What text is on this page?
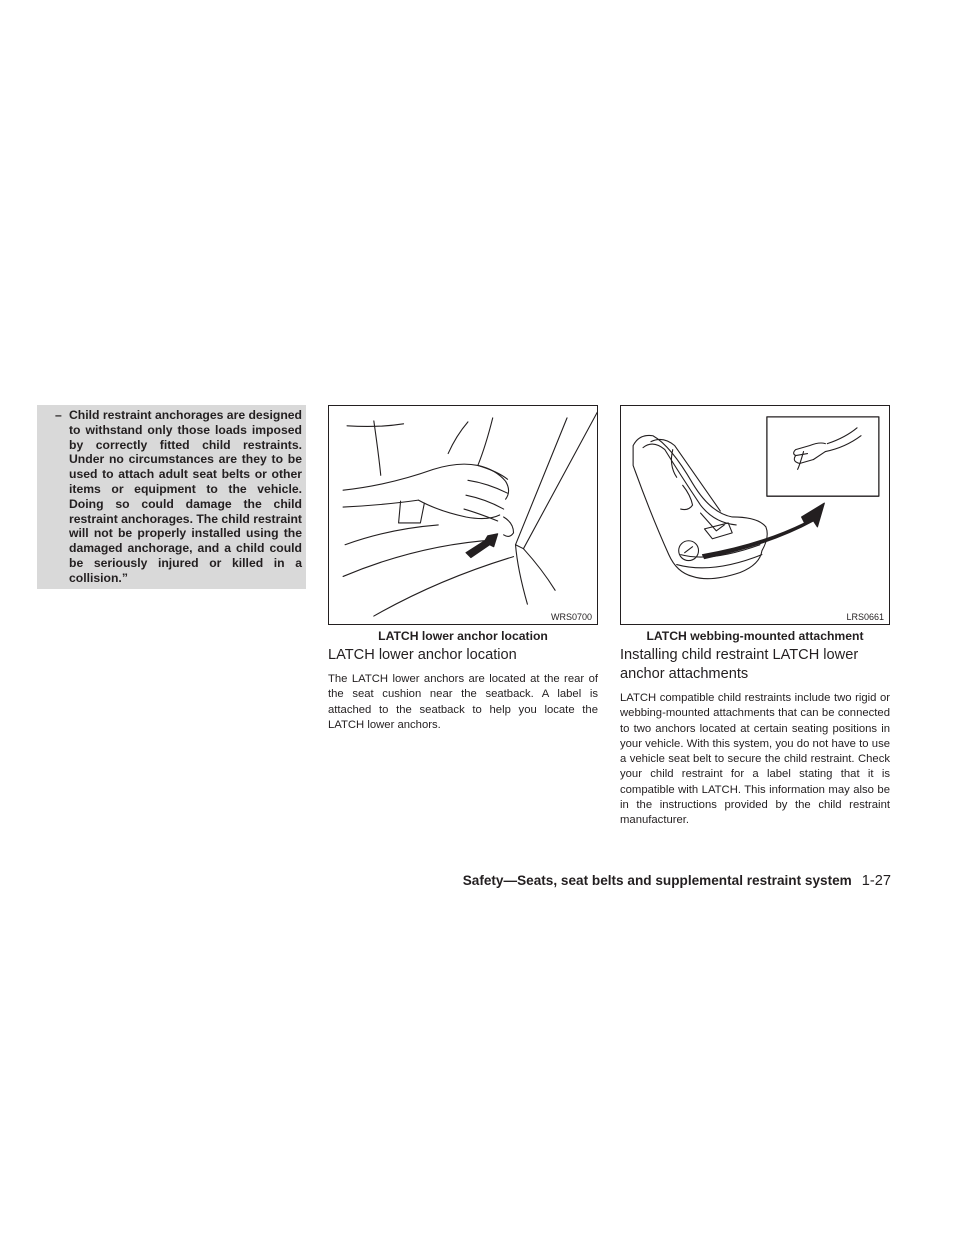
– Child restraint anchorages are designed to withstand only those loads imposed by correctly fitted child restraints. Under no circumstances are they to be used to attach adult seat belts or other items or equipment to the vehicle. Doing so could damage the child restraint anchorages. The child restraint will not be properly installed using the damaged anchorage, and a child could be seriously injured or killed in a collision.”

WRS0700	LRS0661
LATCH lower anchor location	LATCH webbing-mounted attachment
LATCH lower anchor location

The LATCH lower anchors are located at the rear of the seat cushion near the seatback. A label is attached to the seatback to help you locate the LATCH lower anchors.

Installing child restraint LATCH lower anchor attachments

LATCH compatible child restraints include two rigid or webbing-mounted attachments that can be connected to two anchors located at certain seating positions in your vehicle. With this system, you do not have to use a vehicle seat belt to secure the child restraint. Check your child restraint for a label stating that it is compatible with LATCH. This information may also be in the instructions provided by the child restraint manufacturer.

Safety—Seats, seat belts and supplemental restraint system 1-27
